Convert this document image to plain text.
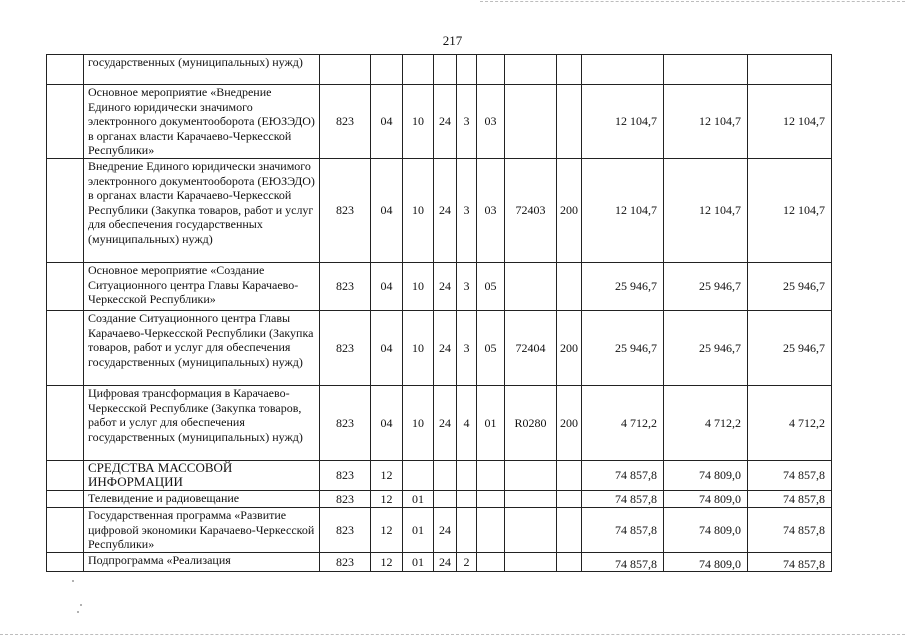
217
	государственных (муниципальных) нужд)											
	Основное мероприятие «Внедрение Единого юридически значимого электронного документооборота (ЕЮЗЭДО) в органах власти Карачаево-Черкесской Республики»	823	04	10	24	3	03			12 104,7	12 104,7	12 104,7
	Внедрение Единого юридически значимого электронного документооборота (ЕЮЗЭДО) в органах власти Карачаево-Черкесской Республики (Закупка товаров, работ и услуг для обеспечения государственных (муниципальных) нужд)	823	04	10	24	3	03	72403	200	12 104,7	12 104,7	12 104,7
	Основное мероприятие «Создание Ситуационного центра Главы Карачаево-Черкесской Республики»	823	04	10	24	3	05			25 946,7	25 946,7	25 946,7
	Создание Ситуационного центра Главы Карачаево-Черкесской Республики (Закупка товаров, работ и услуг для обеспечения государственных (муниципальных) нужд)	823	04	10	24	3	05	72404	200	25 946,7	25 946,7	25 946,7
	Цифровая трансформация в Карачаево-Черкесской Республике (Закупка товаров, работ и услуг для обеспечения государственных (муниципальных) нужд)	823	04	10	24	4	01	R0280	200	4 712,2	4 712,2	4 712,2
	СРЕДСТВА МАССОВОЙ ИНФОРМАЦИИ	823	12							74 857,8	74 809,0	74 857,8
	Телевидение и радиовещание	823	12	01						74 857,8	74 809,0	74 857,8
	Государственная программа «Развитие цифровой экономики Карачаево-Черкесской Республики»	823	12	01	24					74 857,8	74 809,0	74 857,8
	Подпрограмма «Реализация	823	12	01	24	2				74 857,8	74 809,0	74 857,8
